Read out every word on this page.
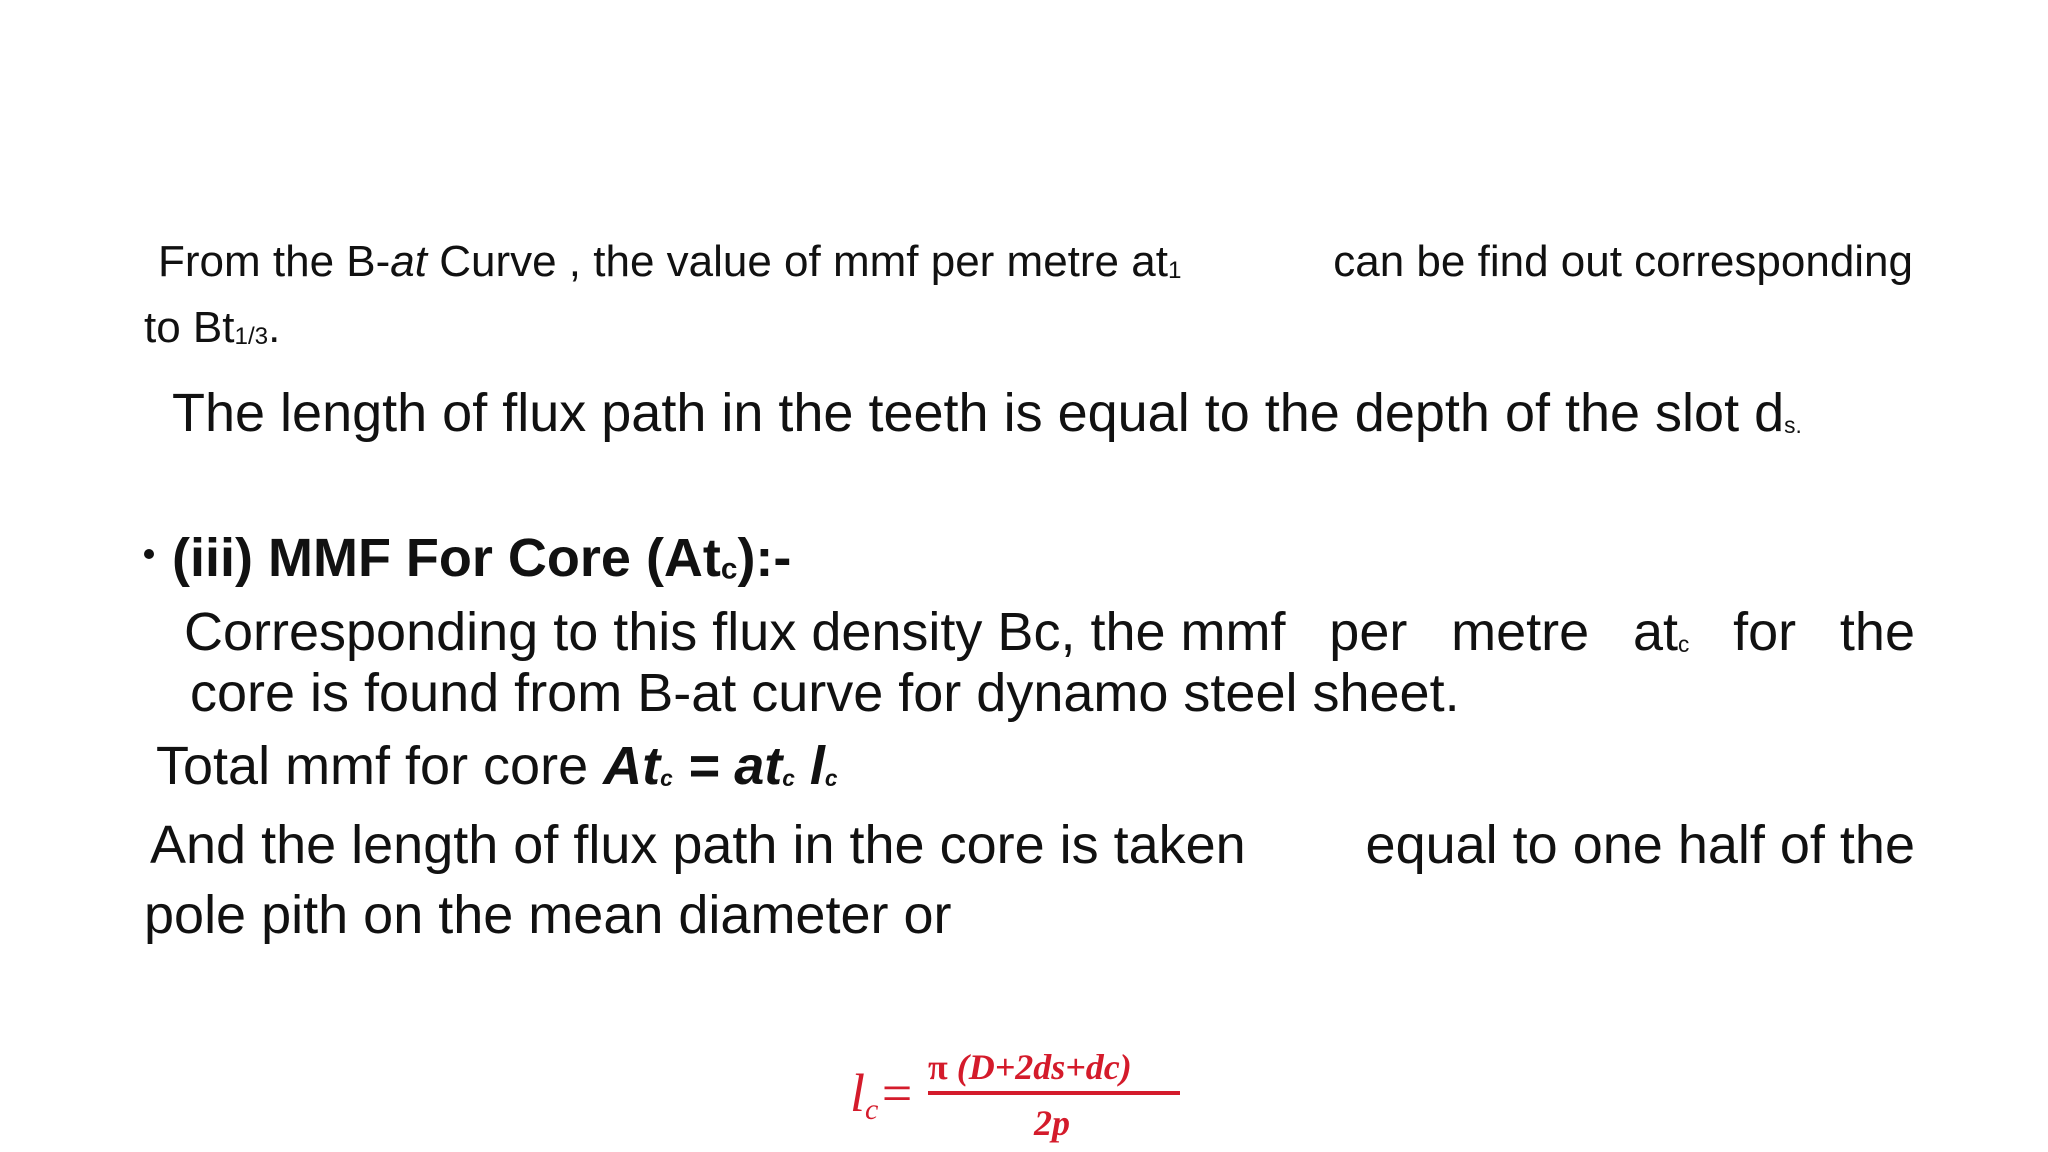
From the B-at Curve , the value of mmf per metre at1	can be find out corresponding
to Bt1/3.
The length of flux path in the teeth is equal to the depth of the slot ds.
(iii) MMF For Core (Atc):-
Corresponding to this flux density Bc, the mmf per metre atc for the
core is found from B-at curve for dynamo steel sheet.
Total mmf for core Atc = atc lc
And the length of flux path in the core is taken equal to one half of the
pole pith on the mean diameter or
lc= π (D+2ds+dc)
2p
